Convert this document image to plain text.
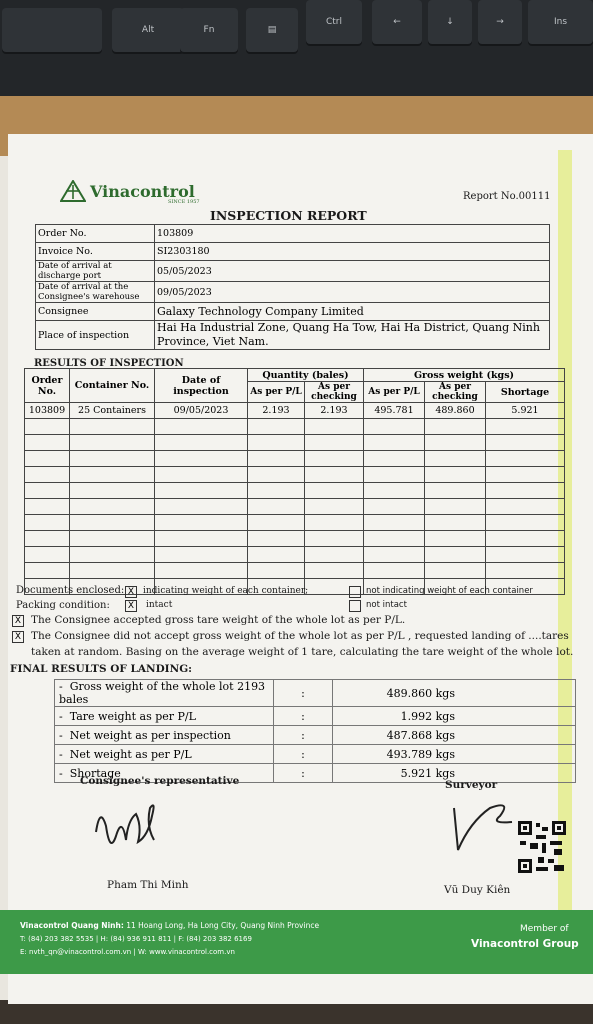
Alt	Fn	▤
Ctrl	←	↓	→	Ins
Vinacontrol
SINCE 1957	Report No.00111
INSPECTION REPORT
Order No.	103809
Invoice No.	SI2303180
Date of arrival at discharge port	05/05/2023
Date of arrival at the Consignee's warehouse	09/05/2023
Consignee	Galaxy Technology Company Limited
Place of inspection	Hai Ha Industrial Zone, Quang Ha Tow, Hai Ha District, Quang Ninh Province, Viet Nam.
RESULTS OF INSPECTION
Order No.	Container No.	Date of inspection	Quantity (bales)		Gross weight (kgs)		
			As per P/L	As per checking	As per P/L	As per checking	Shortage
103809	25 Containers	09/05/2023	2.193	2.193	495.781	489.860	5.921

Documents enclosed: X indicating weight of each container;	not indicating weight of each container
Packing condition:	X	intact	not intact
X The Consignee accepted gross tare weight of the whole lot as per P/L.
X The Consignee did not accept gross weight of the whole lot as per P/L , requested landing of ....tares
taken at random. Basing on the average weight of 1 tare, calculating the tare weight of the whole lot.
FINAL RESULTS OF LANDING:
- Gross weight of the whole lot 2193 bales	:	489.860 kgs
- Tare weight as per P/L	:	1.992 kgs
- Net weight as per inspection	:	487.868 kgs
- Net weight as per P/L	:	493.789 kgs
- Shortage	:	5.921 kgs
Consignee's representative	Surveyor
Pham Thi Minh	Vũ Duy Kiên
Vinacontrol Quang Ninh: 11 Hoang Long, Ha Long City, Quang Ninh Province
T: (84) 203 382 5535 | H: (84) 936 911 811 | F: (84) 203 382 6169
E: nvth_qn@vinacontrol.com.vn | W: www.vinacontrol.com.vn
Member of
Vinacontrol Group
